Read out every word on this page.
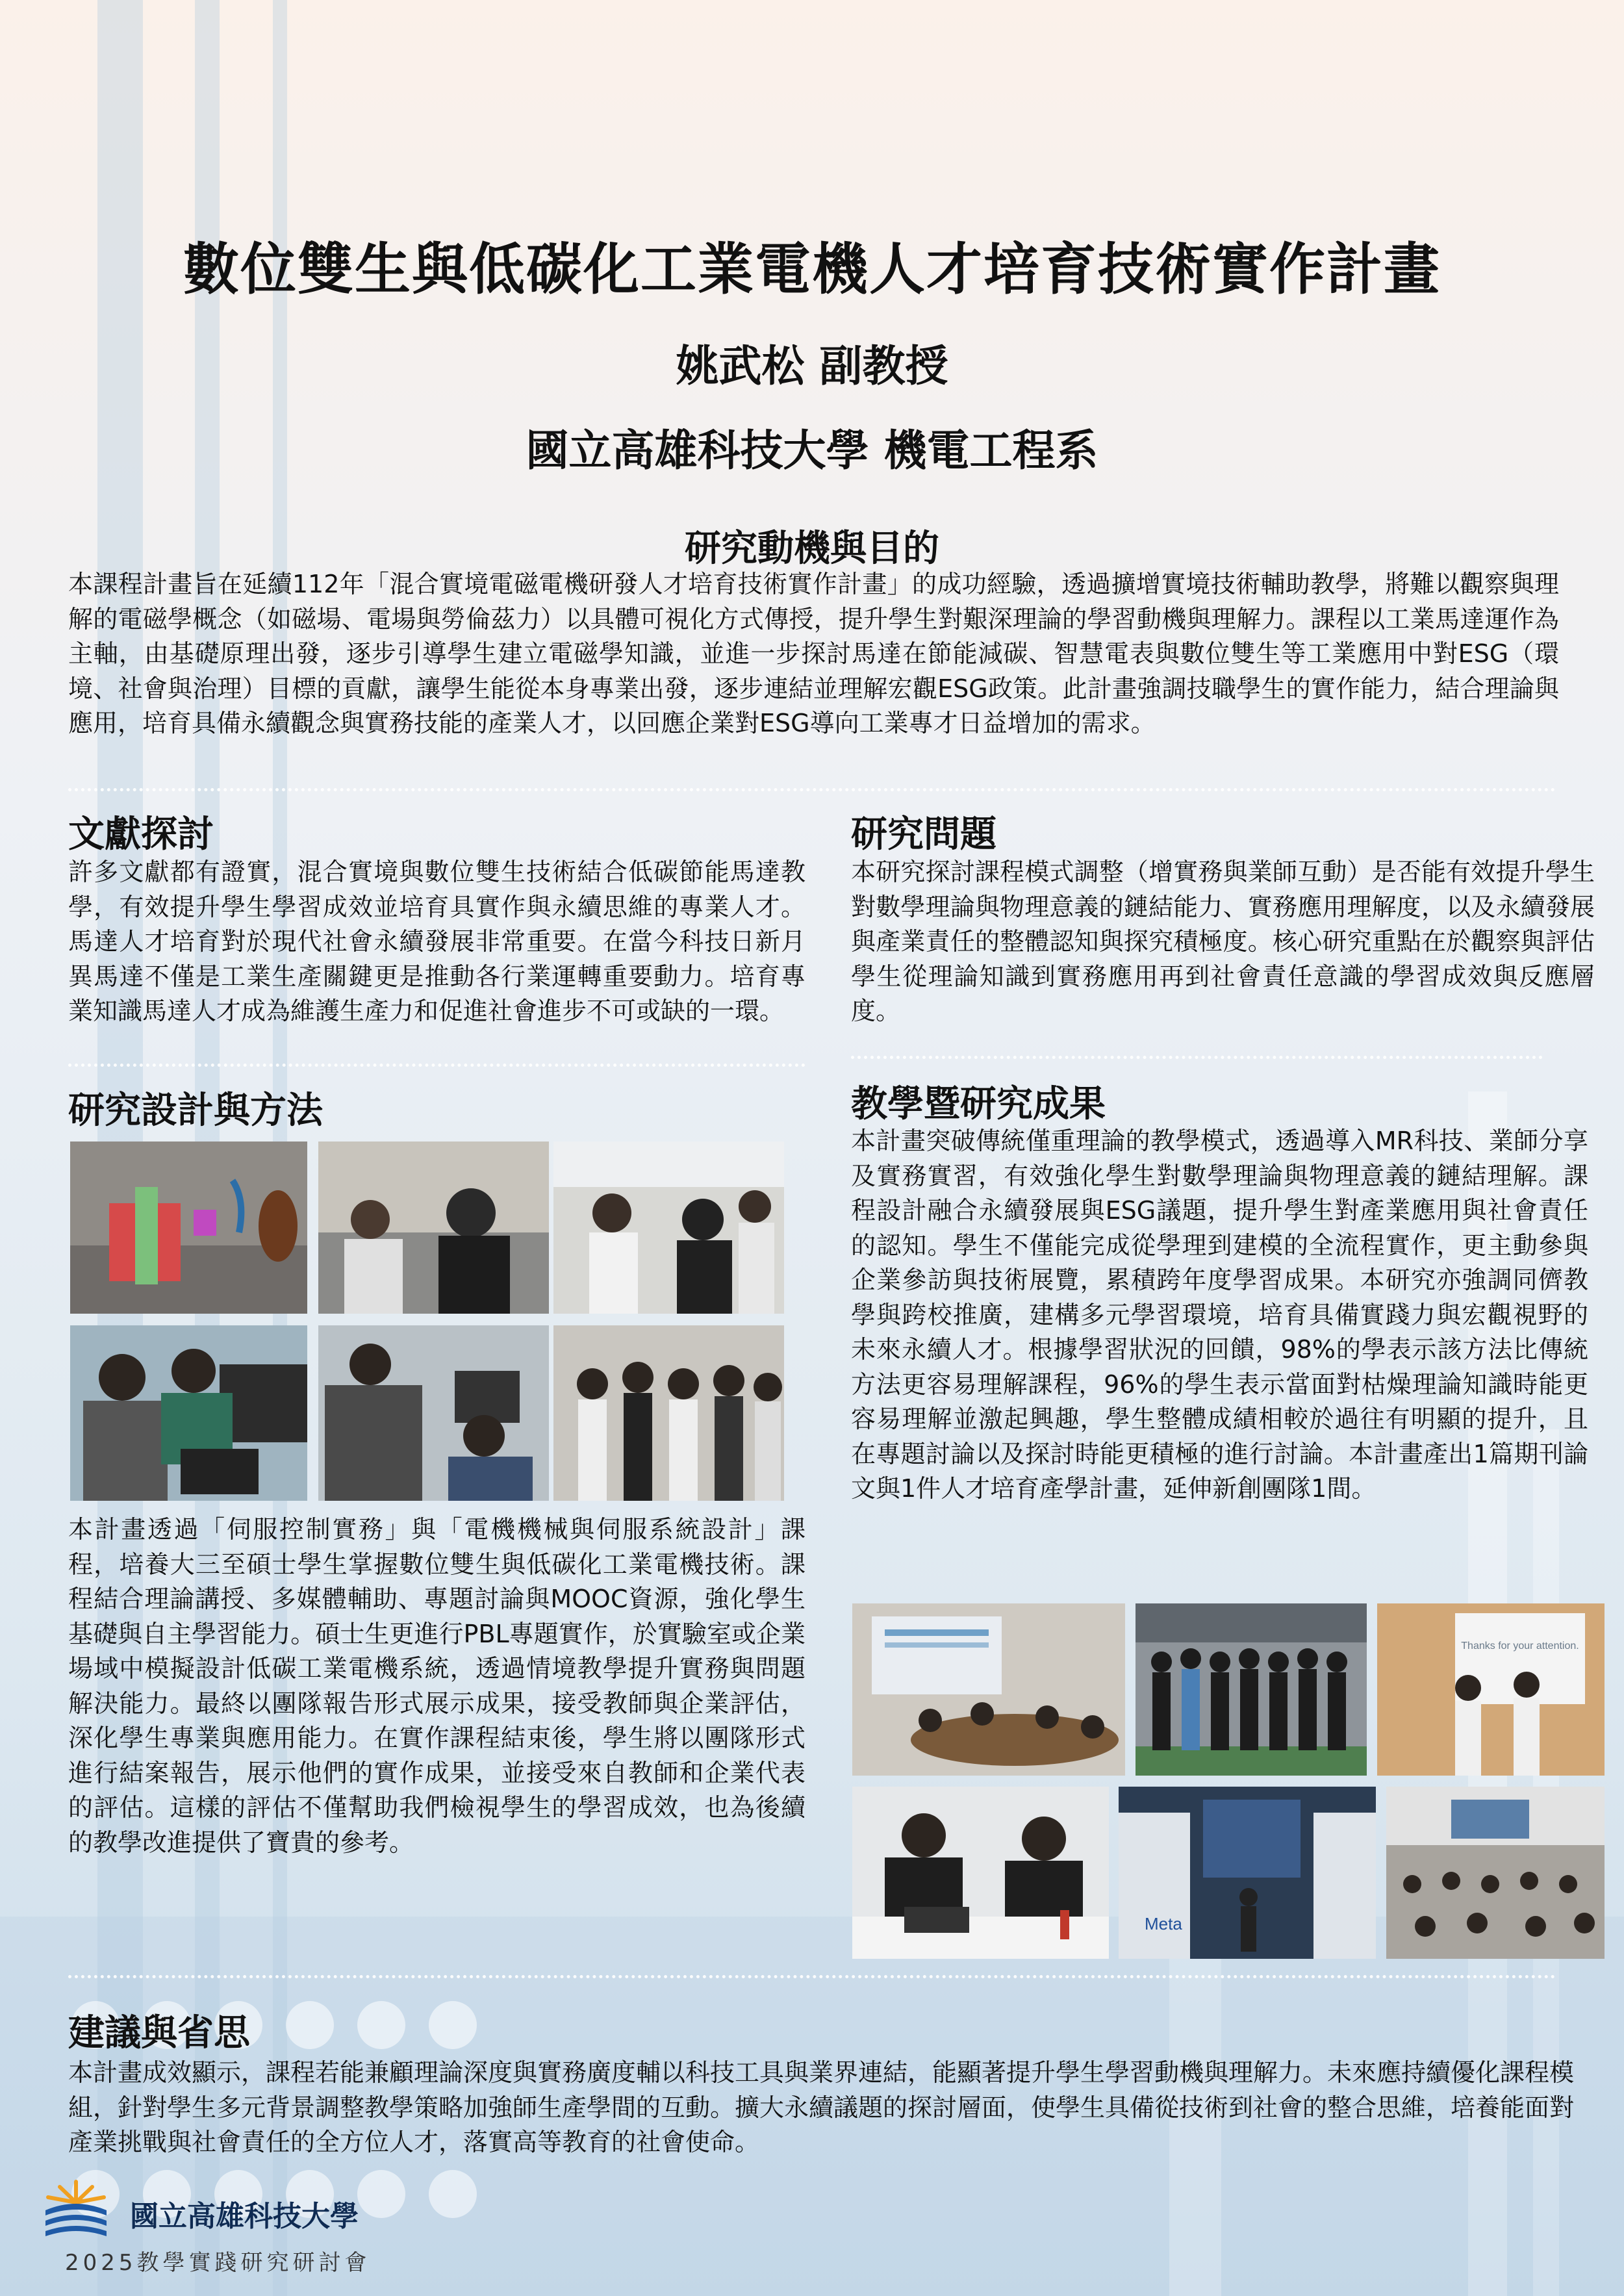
數位雙生與低碳化工業電機人才培育技術實作計畫
姚武松 副教授
國立高雄科技大學 機電工程系
研究動機與目的
本課程計畫旨在延續112年「混合實境電磁電機研發人才培育技術實作計畫」的成功經驗，透過擴增實境技術輔助教學，將難以觀察與理解的電磁學概念（如磁場、電場與勞倫茲力）以具體可視化方式傳授，提升學生對艱深理論的學習動機與理解力。課程以工業馬達運作為主軸，由基礎原理出發，逐步引導學生建立電磁學知識，並進一步探討馬達在節能減碳、智慧電表與數位雙生等工業應用中對ESG（環境、社會與治理）目標的貢獻，讓學生能從本身專業出發，逐步連結並理解宏觀ESG政策。此計畫強調技職學生的實作能力，結合理論與應用，培育具備永續觀念與實務技能的產業人才，以回應企業對ESG導向工業專才日益增加的需求。
文獻探討
許多文獻都有證實，混合實境與數位雙生技術結合低碳節能馬達教學，有效提升學生學習成效並培育具實作與永續思維的專業人才。馬達人才培育對於現代社會永續發展非常重要。在當今科技日新月異馬達不僅是工業生產關鍵更是推動各行業運轉重要動力。培育專業知識馬達人才成為維護生產力和促進社會進步不可或缺的一環。
研究問題
本研究探討課程模式調整（增實務與業師互動）是否能有效提升學生對數學理論與物理意義的鏈結能力、實務應用理解度，以及永續發展與產業責任的整體認知與探究積極度。核心研究重點在於觀察與評估學生從理論知識到實務應用再到社會責任意識的學習成效與反應層度。
研究設計與方法
本計畫透過「伺服控制實務」與「電機機械與伺服系統設計」課程，培養大三至碩士學生掌握數位雙生與低碳化工業電機技術。課程結合理論講授、多媒體輔助、專題討論與MOOC資源，強化學生基礎與自主學習能力。碩士生更進行PBL專題實作，於實驗室或企業場域中模擬設計低碳工業電機系統，透過情境教學提升實務與問題解決能力。最終以團隊報告形式展示成果，接受教師與企業評估，深化學生專業與應用能力。在實作課程結束後，學生將以團隊形式進行結案報告，展示他們的實作成果，並接受來自教師和企業代表的評估。這樣的評估不僅幫助我們檢視學生的學習成效，也為後續的教學改進提供了寶貴的參考。
教學暨研究成果
本計畫突破傳統僅重理論的教學模式，透過導入MR科技、業師分享及實務實習，有效強化學生對數學理論與物理意義的鏈結理解。課程設計融合永續發展與ESG議題，提升學生對產業應用與社會責任的認知。學生不僅能完成從學理到建模的全流程實作，更主動參與企業參訪與技術展覽，累積跨年度學習成果。本研究亦強調同儕教學與跨校推廣，建構多元學習環境，培育具備實踐力與宏觀視野的未來永續人才。根據學習狀況的回饋，98%的學表示該方法比傳統方法更容易理解課程，96%的學生表示當面對枯燥理論知識時能更容易理解並激起興趣，學生整體成績相較於過往有明顯的提升，且在專題討論以及探討時能更積極的進行討論。本計畫產出1篇期刊論文與1件人才培育產學計畫，延伸新創團隊1間。
Thanks for your attention.
Meta
建議與省思
本計畫成效顯示，課程若能兼顧理論深度與實務廣度輔以科技工具與業界連結，能顯著提升學生學習動機與理解力。未來應持續優化課程模組，針對學生多元背景調整教學策略加強師生產學間的互動。擴大永續議題的探討層面，使學生具備從技術到社會的整合思維，培養能面對產業挑戰與社會責任的全方位人才，落實高等教育的社會使命。
國立高雄科技大學
2025教學實踐研究研討會
